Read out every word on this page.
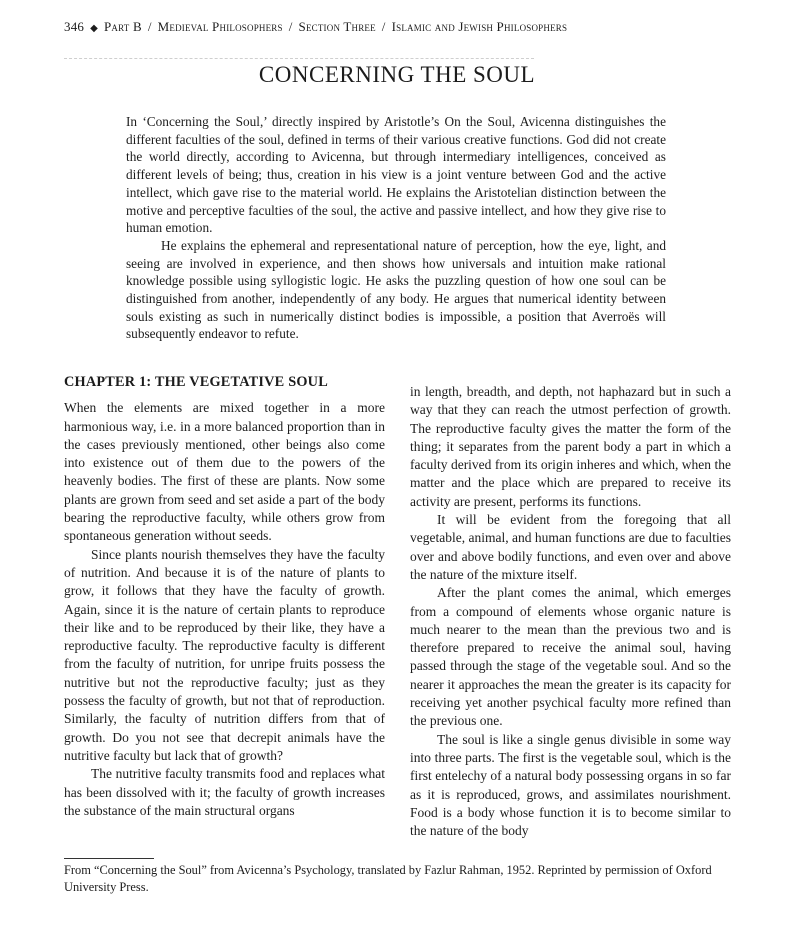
346 ◆ Part B / Medieval Philosophers / Section Three / Islamic and Jewish Philosophers
CONCERNING THE SOUL

In ‘Concerning the Soul,’ directly inspired by Aristotle’s On the Soul, Avicenna distinguishes the different faculties of the soul, defined in terms of their various creative functions. God did not create the world directly, according to Avicenna, but through intermediary intelligences, conceived as different levels of being; thus, creation in his view is a joint venture between God and the active intellect, which gave rise to the material world. He explains the Aristotelian distinction between the motive and perceptive faculties of the soul, the active and passive intellect, and how they give rise to human emotion.

He explains the ephemeral and representational nature of perception, how the eye, light, and seeing are involved in experience, and then shows how universals and intuition make rational knowledge possible using syllogistic logic. He asks the puzzling question of how one soul can be distinguished from another, independently of any body. He argues that numerical identity between souls existing as such in numerically distinct bodies is impossible, a position that Averroës will subsequently endeavor to refute.

CHAPTER 1: THE VEGETATIVE SOUL

When the elements are mixed together in a more harmonious way, i.e. in a more balanced proportion than in the cases previously mentioned, other beings also come into existence out of them due to the powers of the heavenly bodies. The first of these are plants. Now some plants are grown from seed and set aside a part of the body bearing the reproductive faculty, while others grow from spontaneous generation without seeds.

Since plants nourish themselves they have the faculty of nutrition. And because it is of the nature of plants to grow, it follows that they have the faculty of growth. Again, since it is the nature of certain plants to reproduce their like and to be reproduced by their like, they have a reproductive faculty. The reproductive faculty is different from the faculty of nutrition, for unripe fruits possess the nutritive but not the reproductive faculty; just as they possess the faculty of growth, but not that of reproduction. Similarly, the faculty of nutrition differs from that of growth. Do you not see that decrepit animals have the nutritive faculty but lack that of growth?

The nutritive faculty transmits food and replaces what has been dissolved with it; the faculty of growth increases the substance of the main structural organs

in length, breadth, and depth, not haphazard but in such a way that they can reach the utmost perfection of growth. The reproductive faculty gives the matter the form of the thing; it separates from the parent body a part in which a faculty derived from its origin inheres and which, when the matter and the place which are prepared to receive its activity are present, performs its functions.

It will be evident from the foregoing that all vegetable, animal, and human functions are due to faculties over and above bodily functions, and even over and above the nature of the mixture itself.

After the plant comes the animal, which emerges from a compound of elements whose organic nature is much nearer to the mean than the previous two and is therefore prepared to receive the animal soul, having passed through the stage of the vegetable soul. And so the nearer it approaches the mean the greater is its capacity for receiving yet another psychical faculty more refined than the previous one.

The soul is like a single genus divisible in some way into three parts. The first is the vegetable soul, which is the first entelechy of a natural body possessing organs in so far as it is reproduced, grows, and assimilates nourishment. Food is a body whose function it is to become similar to the nature of the body

From “Concerning the Soul” from Avicenna’s Psychology, translated by Fazlur Rahman, 1952. Reprinted by permission of Oxford University Press.
